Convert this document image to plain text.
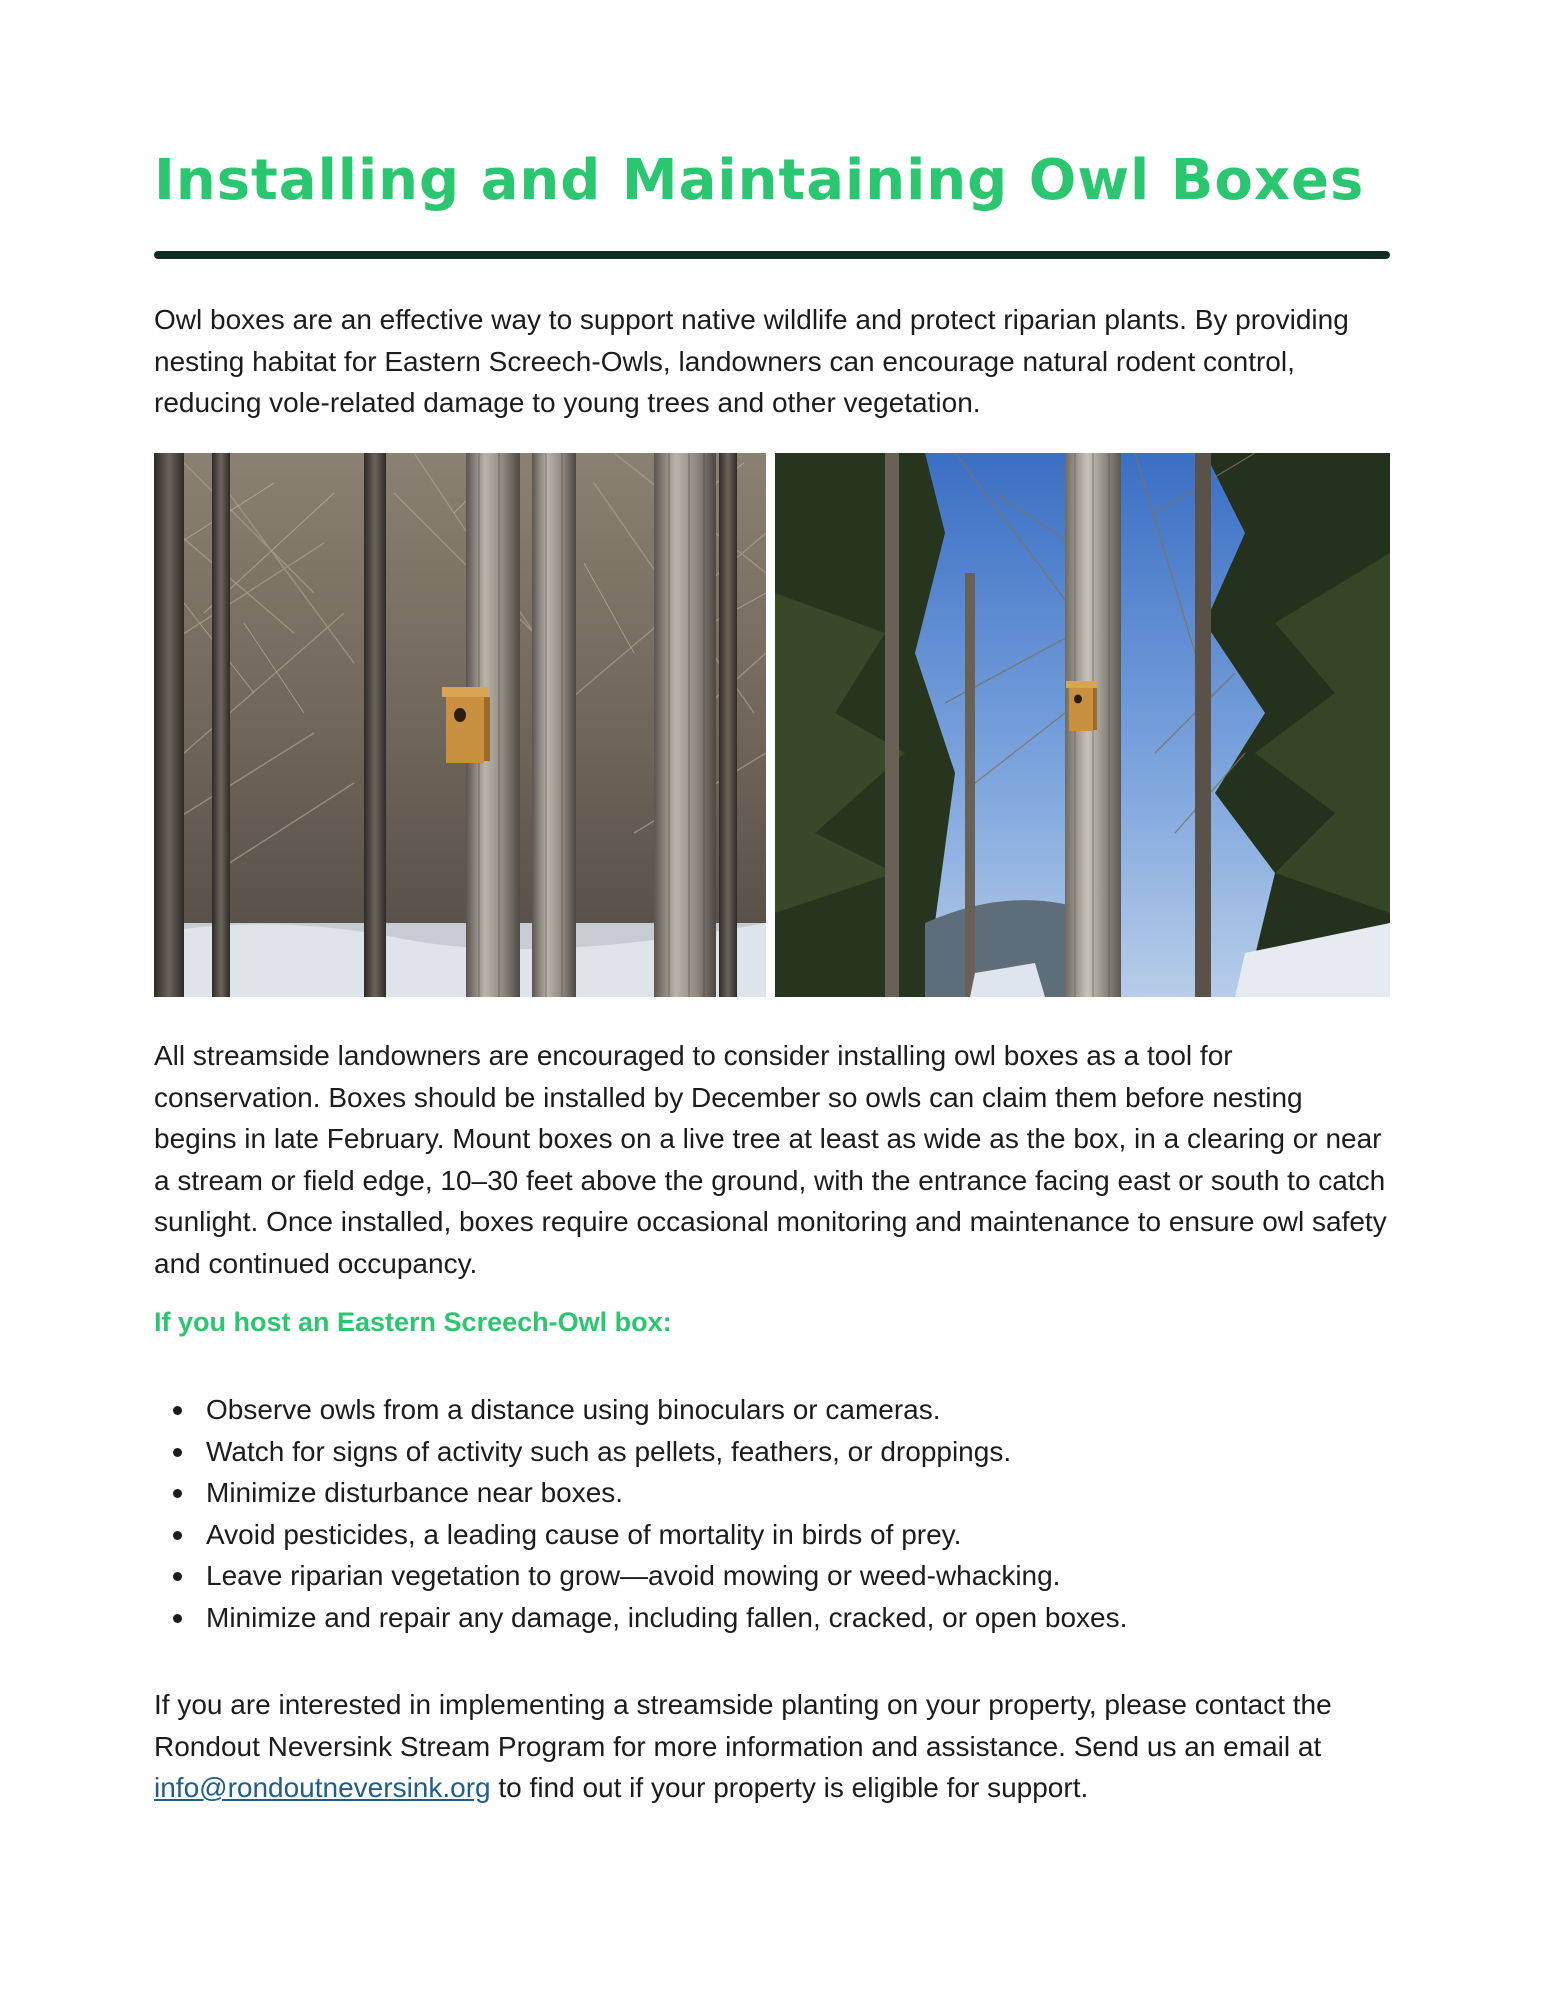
Installing and Maintaining Owl Boxes

Owl boxes are an effective way to support native wildlife and protect riparian plants. By providing nesting habitat for Eastern Screech-Owls, landowners can encourage natural rodent control, reducing vole-related damage to young trees and other vegetation.

All streamside landowners are encouraged to consider installing owl boxes as a tool for conservation. Boxes should be installed by December so owls can claim them before nesting begins in late February. Mount boxes on a live tree at least as wide as the box, in a clearing or near a stream or field edge, 10–30 feet above the ground, with the entrance facing east or south to catch sunlight. Once installed, boxes require occasional monitoring and maintenance to ensure owl safety and continued occupancy.

If you host an Eastern Screech-Owl box:
Observe owls from a distance using binoculars or cameras.
Watch for signs of activity such as pellets, feathers, or droppings.
Minimize disturbance near boxes.
Avoid pesticides, a leading cause of mortality in birds of prey.
Leave riparian vegetation to grow—avoid mowing or weed-whacking.
Minimize and repair any damage, including fallen, cracked, or open boxes.

If you are interested in implementing a streamside planting on your property, please contact the Rondout Neversink Stream Program for more information and assistance. Send us an email at info@rondoutneversink.org to find out if your property is eligible for support.
